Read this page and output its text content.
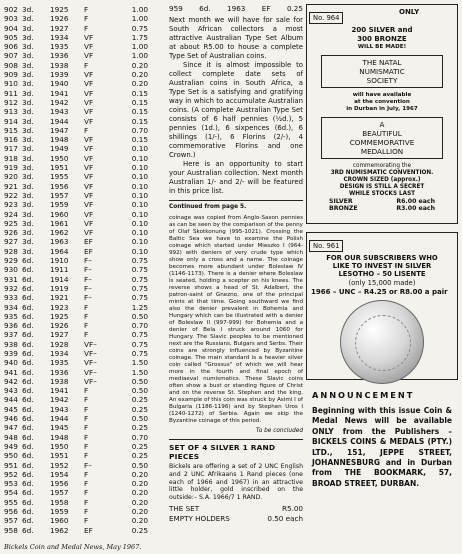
902 3d.	1925	F	1.00
903 3d.	1926	F	1.00
904 3d.	1927	F	0.75
905 3d.	1934	VF	1.75
906 3d.	1935	VF	1.00
907 3d.	1936	VF	1.00
908 3d.	1938	F	0.20
909 3d.	1939	VF	0.20
910 3d.	1940	VF	0.20
911 3d.	1941	VF	0.15
912 3d.	1942	VF	0.15
913 3d.	1943	VF	0.15
914 3d.	1944	VF	0.15
915 3d.	1947	F	0.70
916 3d.	1948	VF	0.15
917 3d.	1949	VF	0.10
918 3d.	1950	VF	0.10
919 3d.	1951	VF	0.10
920 3d.	1955	VF	0.10
921 3d.	1956	VF	0.10
922 3d.	1957	VF	0.10
923 3d.	1959	VF	0.10
924 3d.	1960	VF	0.10
925 3d.	1961	VF	0.10
926 3d.	1962	VF	0.10
927 3d.	1963	EF	0.10
928 3d.	1964	EF	0.10
929 6d.	1910	F–	0.75
930 6d.	1911	F–	0.75
931 6d.	1914	F–	0.75
932 6d.	1919	F–	0.75
933 6d.	1921	F–	0.75
934 6d.	1923	F	1.25
935 6d.	1925	F	0.50
936 6d.	1926	F	0.70
937 6d.	1927	F	0.75
938 6d.	1928	VF–	0.75
939 6d.	1934	VF–	0.75
940 6d.	1935	VF–	1.50
941 6d.	1936	VF–	1.50
942 6d.	1938	VF–	0.50
943 6d.	1941	F	0.50
944 6d.	1942	F	0.25
945 6d.	1943	F	0.25
946 6d.	1944	F	0.50
947 6d.	1945	F	0.25
948 6d.	1948	F	0.70
949 6d.	1950	F	0.25
950 6d.	1951	F	0.25
951 6d.	1952	F–	0.50
952 6d.	1954	F	0.20
953 6d.	1956	F	0.20
954 6d.	1957	F	0.20
955 6d.	1958	F	0.20
956 6d.	1959	F	0.20
957 6d.	1960	F	0.20
958 6d.	1962	EF	0.25
Bickels Coin and Medal News, May 1967.
959 6d. 1963 EF 0.25

Next month we will have for sale for South African collectors a most attractive Australian Type Set Album at about R5.00 to house a complete Type Set of Australian coins.

Since it is almost impossible to collect complete date sets of Australian coins in South Africa, a Type Set is a satisfying and gratifying way in which to accumulate Australian coins. (A complete Australian Type Set consists of 6 half pennies (½d.), 5 pennies (1d.), 6 sixpences (6d.), 6 shillings (1/-), 6 Florins (2/-), 4 commemorative Florins and one Crown.)

Here is an opportunity to start your Australian collection. Next month Australian 1/- and 2/- will be featured in this price list.

Continued from page 5.

coinage was copied from Anglo-Saxon pennies as can be seen by the comparison of the penny of Olaf Skotkonung (995-1021). Crossing the Baltic Sea we have to examine the Polish coinage which started under Mieszko I (964-992) with deniers of very crude type which show only a cross and a name. The coinage becomes more abundant under Boleslaw IV (1146-1173). There is a denier where Boleslaw is seated, holding a scepter on his knees. The reverse shows a head of St. Adalbert, the patron-saint of Gnezno, one of the principal mints at that time. Going southward we find also the denier prevalent in Bohemia and Hungary which can be illustrated with a denier of Boleslaw II (997-999) for Bohemia and a denier of Bela I struck around 1060 for Hungary. The Slavic peoples to be mentioned next are the Russians, Bulgars and Serbs. Their coins are strongly influenced by Byzantine coinage. The main standard is a heavier silver coin called "Grossus" of which we will hear more in the fourth and final epoch of mediaeval numismatics. These Slavic coins often show a bust or standing figure of Christ and on the reverse St. Stephen and the king. An example of this coin was struck by Asimi I of Bulgaria (1186-1196) and by Stephen Uros I (1240-1272) of Serbia. Again we skip the Byzantine coinage of this period.

To be concluded
SET OF 4 SILVER 1 RAND PIECES

Bickels are offering a set of 2 UNC English and 2 UNC Afrikaans 1 Rand pieces (one each of 1966 and 1967) in an attractive little holder, gold inscribed on the outside:– S.A. 1966/7 1 RAND.

THE SET	R5.00
EMPTY HOLDERS	0.50 each
No. 964
ONLY
200 SILVER and
300 BRONZE
WILL BE MADE!
THE NATAL
NUMISMATIC
SOCIETY
will have available
at the convention
in Durban in July, 1967
A
BEAUTIFUL
COMMEMORATIVE
MEDALLION
commemorating the
3RD NUMISMATIC CONVENTION.
CROWN SIZED (approx.)
DESIGN IS STILL A SECRET
WHILE STOCKS LAST
SILVER	R6.00 each
BRONZE	R3.00 each
No. 961
FOR OUR SUBSCRIBERS WHO
LIKE TO INVEST IN SILVER
LESOTHO – 50 LISENTE
(only 15,000 made)
1966 – UNC – R4.25 or R8.00 a pair
ANNOUNCEMENT

Beginning with this issue Coin & Medal News will be available ONLY from the Publishers – BICKELS COINS & MEDALS (PTY.) LTD., 151, JEPPE STREET, JOHANNESBURG and in Durban from THE BOOKMARK, 57, BROAD STREET, DURBAN.
